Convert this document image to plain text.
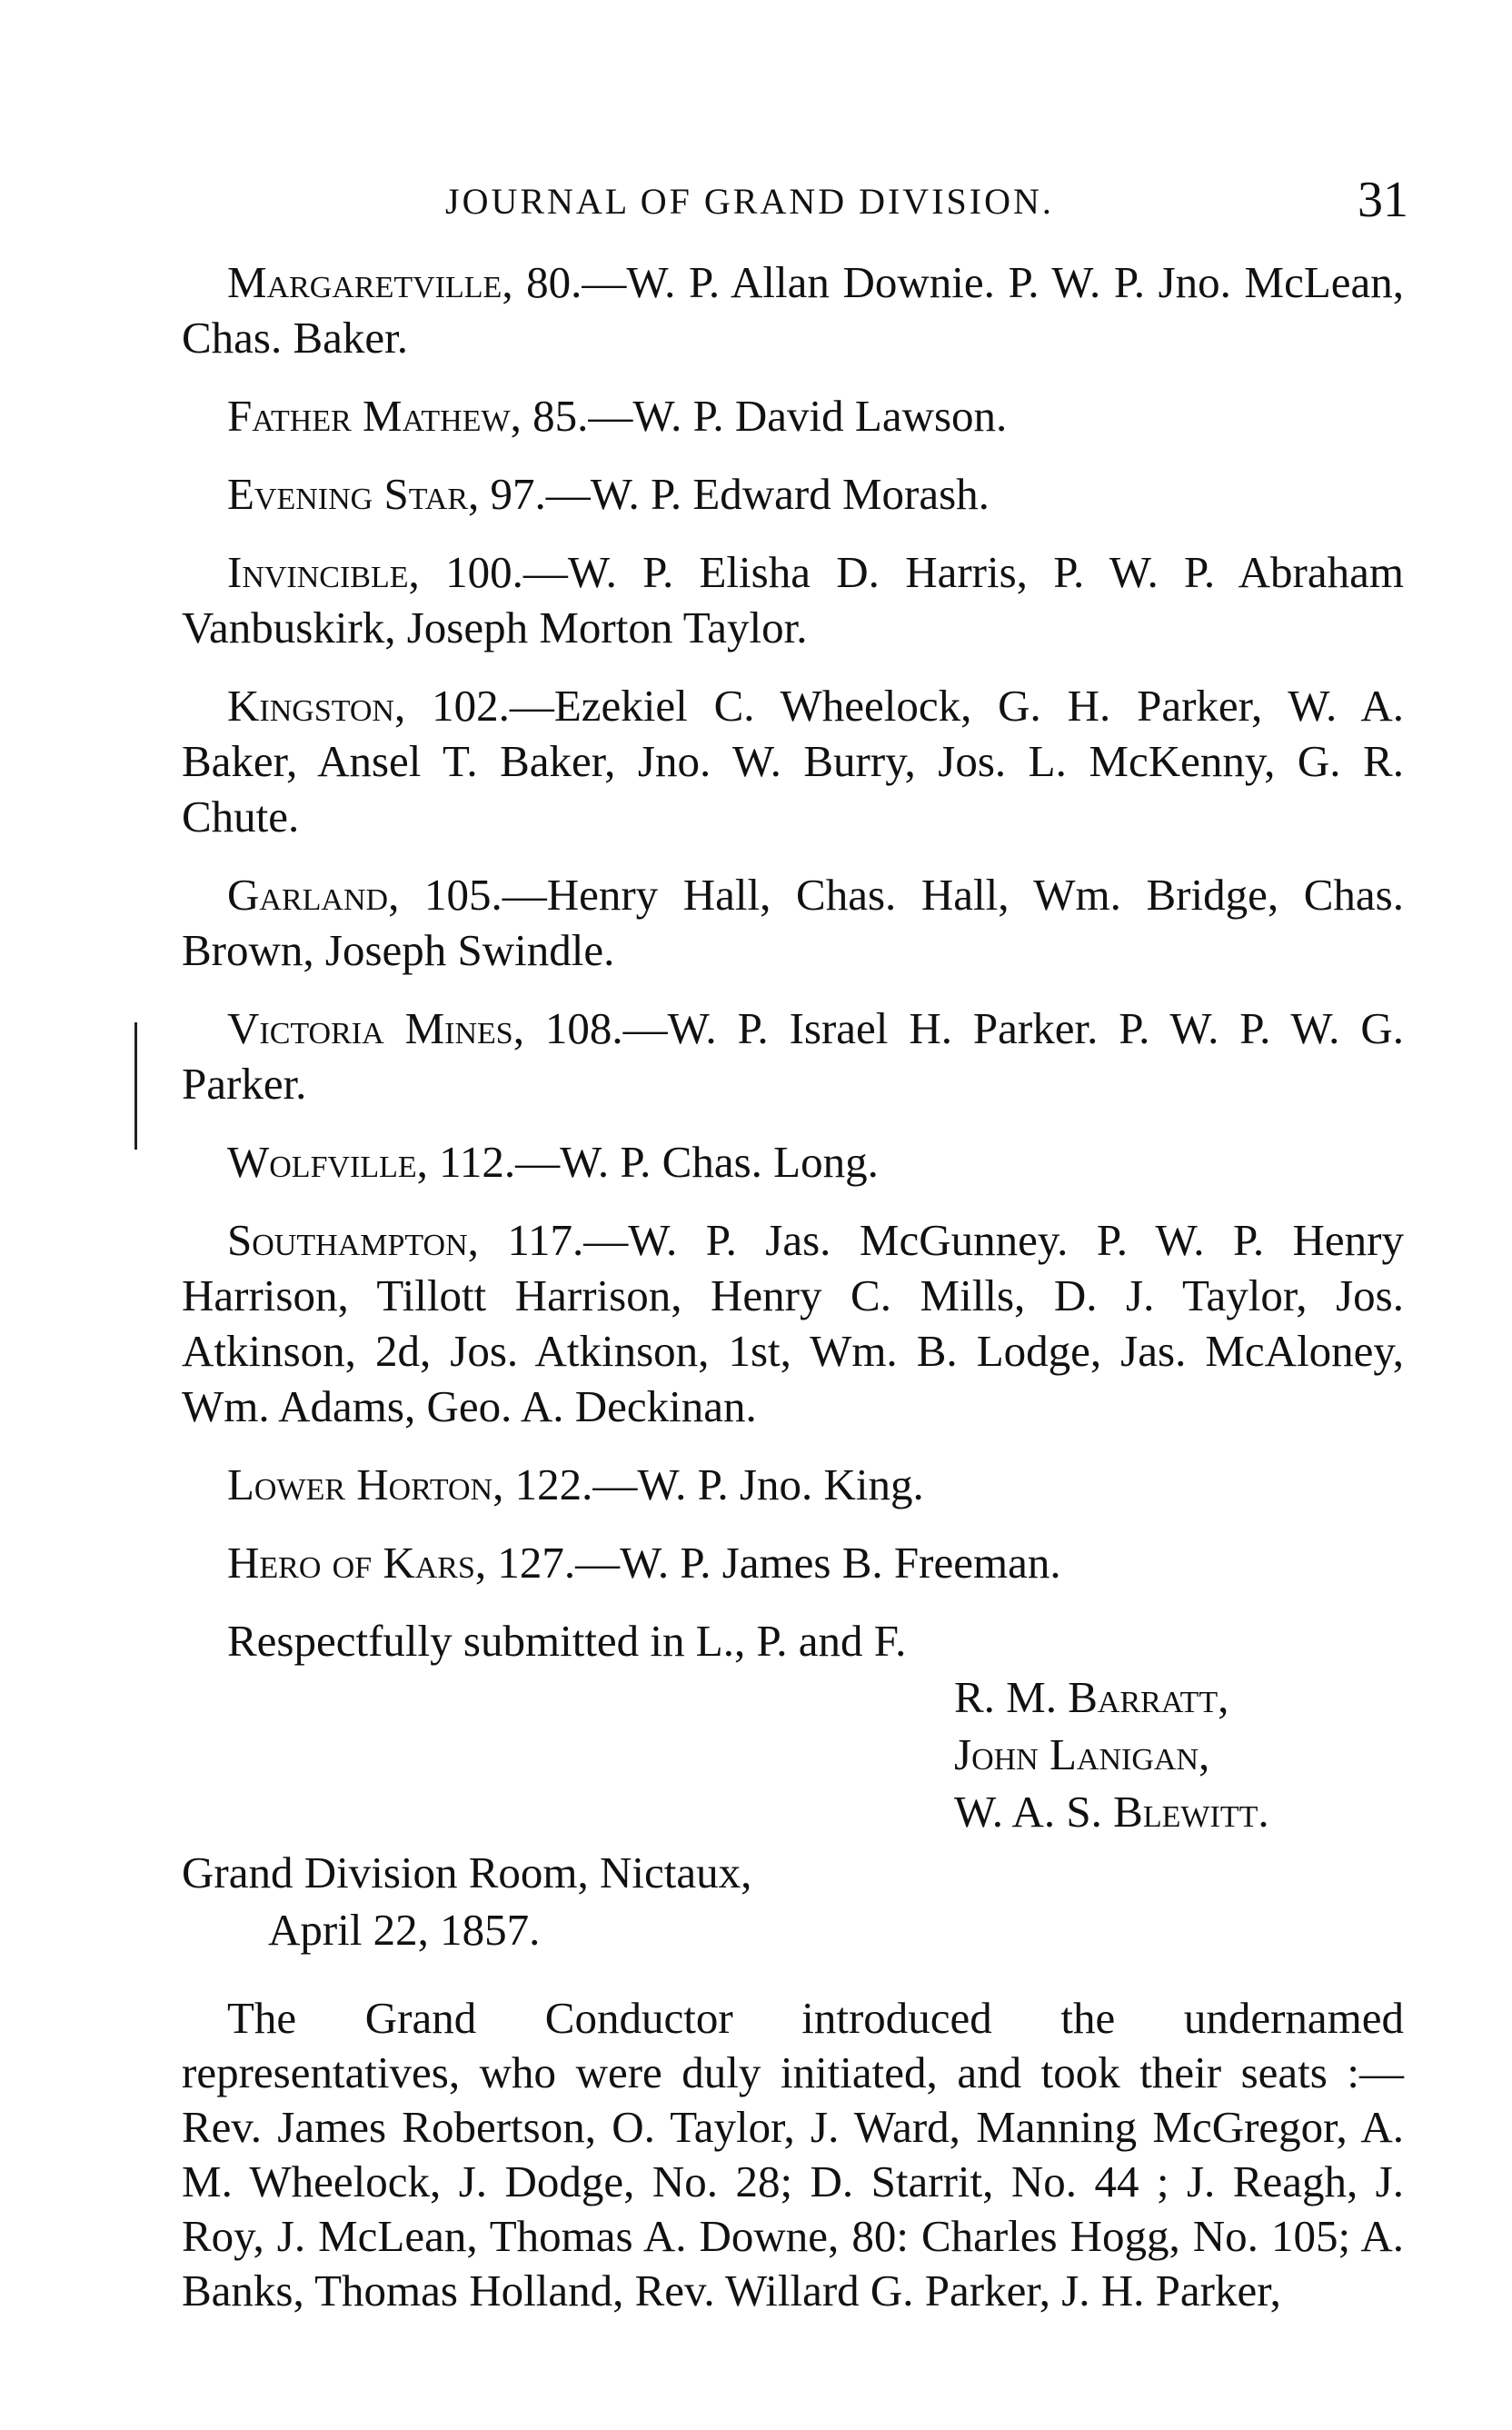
JOURNAL OF GRAND DIVISION.	31

Margaretville, 80.—W. P. Allan Downie. P. W. P. Jno. McLean, Chas. Baker.

Father Mathew, 85.—W. P. David Lawson.

Evening Star, 97.—W. P. Edward Morash.

Invincible, 100.—W. P. Elisha D. Harris, P. W. P. Abraham Vanbuskirk, Joseph Morton Taylor.

Kingston, 102.—Ezekiel C. Wheelock, G. H. Parker, W. A. Baker, Ansel T. Baker, Jno. W. Burry, Jos. L. McKenny, G. R. Chute.

Garland, 105.—Henry Hall, Chas. Hall, Wm. Bridge, Chas. Brown, Joseph Swindle.

Victoria Mines, 108.—W. P. Israel H. Parker. P. W. P. W. G. Parker.

Wolfville, 112.—W. P. Chas. Long.

Southampton, 117.—W. P. Jas. McGunney. P. W. P. Henry Harrison, Tillott Harrison, Henry C. Mills, D. J. Taylor, Jos. Atkinson, 2d, Jos. Atkinson, 1st, Wm. B. Lodge, Jas. McAloney, Wm. Adams, Geo. A. Deckinan.

Lower Horton, 122.—W. P. Jno. King.

Hero of Kars, 127.—W. P. James B. Freeman.

Respectfully submitted in L., P. and F.

R. M. Barratt,
John Lanigan,
W. A. S. Blewitt.
Grand Division Room, Nictaux,
April 22, 1857.

The Grand Conductor introduced the undernamed representatives, who were duly initiated, and took their seats :—Rev. James Robertson, O. Taylor, J. Ward, Manning McGregor, A. M. Wheelock, J. Dodge, No. 28; D. Starrit, No. 44 ; J. Reagh, J. Roy, J. McLean, Thomas A. Downe, 80: Charles Hogg, No. 105; A. Banks, Thomas Holland, Rev. Willard G. Parker, J. H. Parker,
